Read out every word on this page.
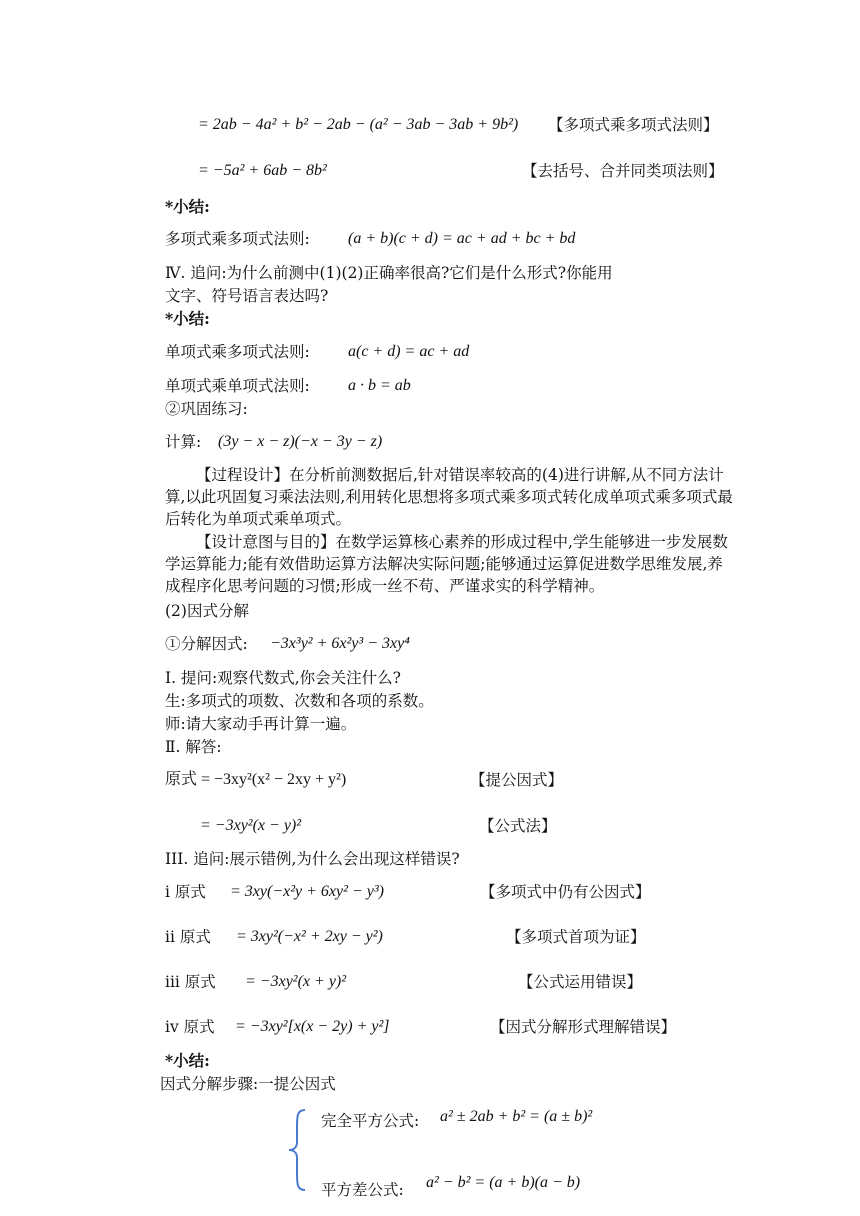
= 2ab − 4a² + b² − 2ab − (a² − 3ab − 3ab + 9b²) 【多项式乘多项式法则】
= −5a² + 6ab − 8b²	【去括号、合并同类项法则】
*小结:
多项式乘多项式法则: (a + b)(c + d) = ac + ad + bc + bd
Ⅳ. 追问:为什么前测中(1)(2)正确率很高?它们是什么形式?你能用
文字、符号语言表达吗?
*小结:
单项式乘多项式法则: a(c + d) = ac + ad
单项式乘单项式法则: a · b = ab
②巩固练习:
计算: (3y − x − z)(−x − 3y − z)
【过程设计】在分析前测数据后,针对错误率较高的(4)进行讲解,从不同方法计算,以此巩固复习乘法法则,利用转化思想将多项式乘多项式转化成单项式乘多项式最后转化为单项式乘单项式。
【设计意图与目的】在数学运算核心素养的形成过程中,学生能够进一步发展数学运算能力;能有效借助运算方法解决实际问题;能够通过运算促进数学思维发展,养成程序化思考问题的习惯;形成一丝不苟、严谨求实的科学精神。
(2)因式分解
①分解因式: −3x³y² + 6x²y³ − 3xy⁴
Ⅰ. 提问:观察代数式,你会关注什么?
生:多项式的项数、次数和各项的系数。
师:请大家动手再计算一遍。
Ⅱ. 解答:
原式 = −3xy²(x² − 2xy + y²)	【提公因式】
= −3xy²(x − y)²	【公式法】
III. 追问:展示错例,为什么会出现这样错误?
i 原式 = 3xy(−x²y + 6xy² − y³)	【多项式中仍有公因式】
ii 原式 = 3xy²(−x² + 2xy − y²)	【多项式首项为证】
iii 原式 = −3xy²(x + y)²	【公式运用错误】
iv 原式 = −3xy²[x(x − 2y) + y²]	【因式分解形式理解错误】
*小结:
因式分解步骤:一提公因式
完全平方公式: a² ± 2ab + b² = (a ± b)²
平方差公式: a² − b² = (a + b)(a − b)
